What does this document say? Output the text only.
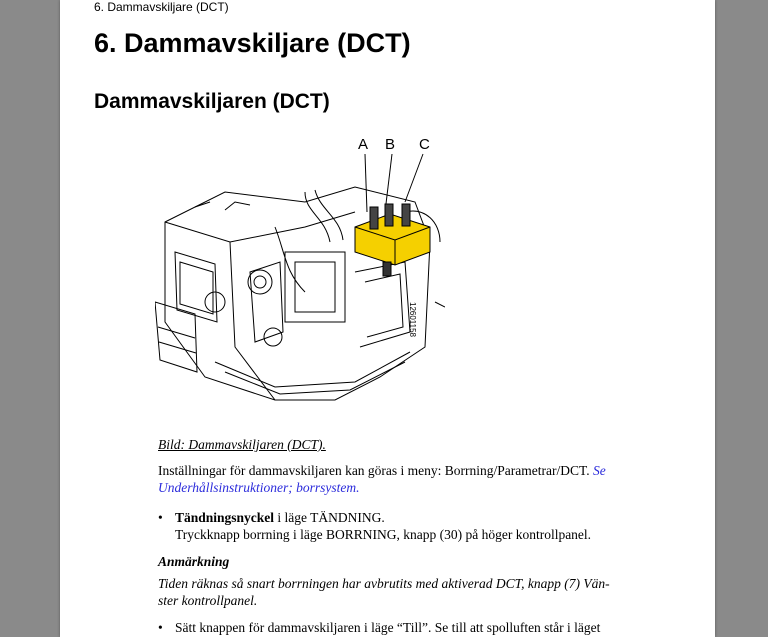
6. Dammavskiljare (DCT)
6. Dammavskiljare (DCT)
Dammavskiljaren (DCT)
A B C
12601158
Bild: Dammavskiljaren (DCT).
Inställningar för dammavskiljaren kan göras i meny: Borrning/Parametrar/DCT. Se Underhållsinstruktioner; borrsystem.
• Tändningsnyckel i läge TÄNDNING.
Tryckknapp borrning i läge BORRNING, knapp (30) på höger kontrollpanel.
Anmärkning
Tiden räknas så snart borrningen har avbrutits med aktiverad DCT, knapp (7) Vän-
ster kontrollpanel.
• Sätt knappen för dammavskiljaren i läge “Till”. Se till att spolluften står i läget
